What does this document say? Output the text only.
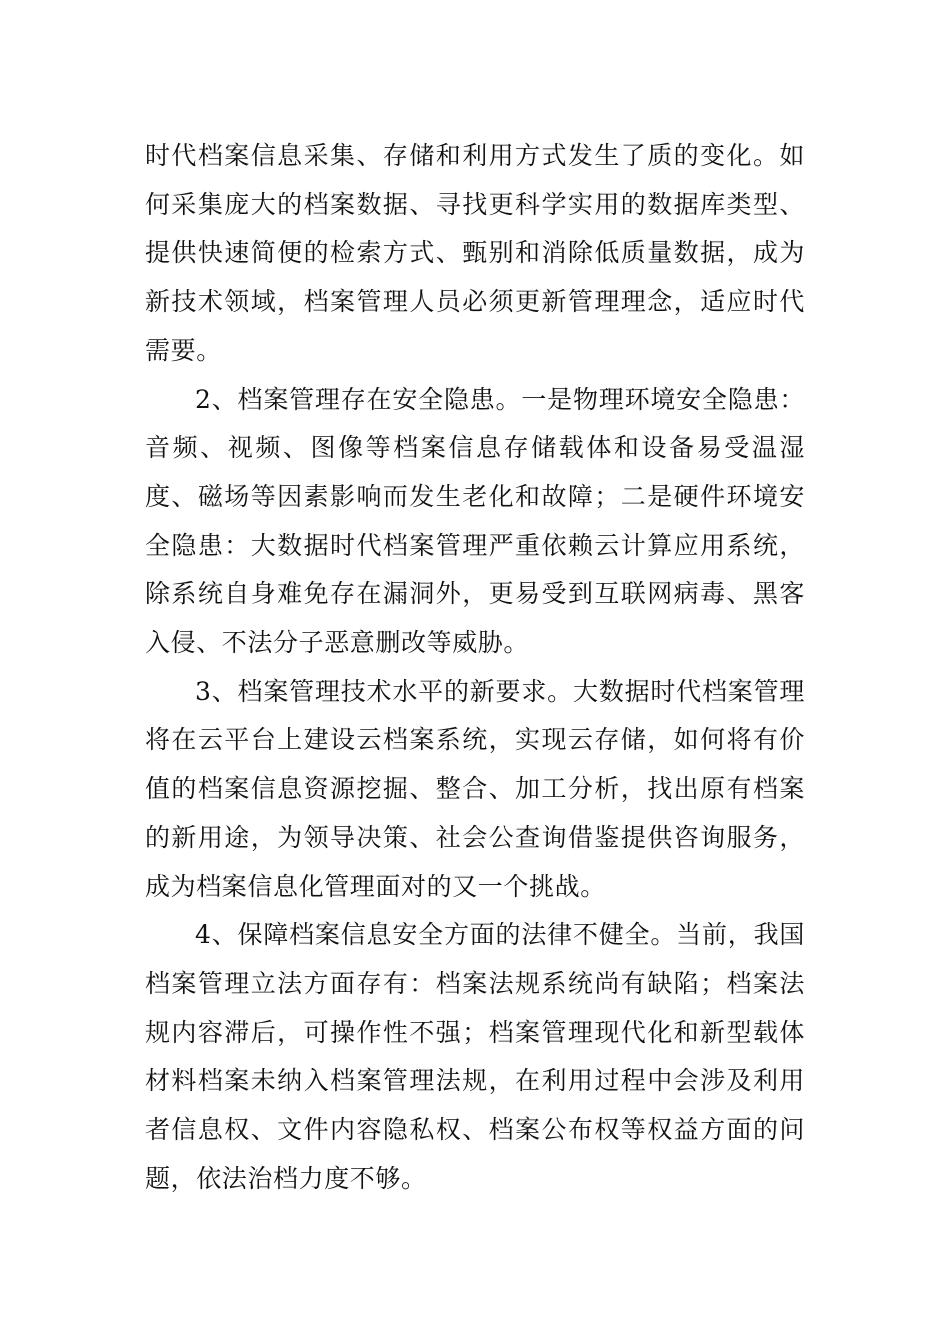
时代档案信息采集、存储和利用方式发生了质的变化。如何采集庞大的档案数据、寻找更科学实用的数据库类型、提供快速简便的检索方式、甄别和消除低质量数据，成为新技术领域，档案管理人员必须更新管理理念，适应时代需要。

2、档案管理存在安全隐患。一是物理环境安全隐患：音频、视频、图像等档案信息存储载体和设备易受温湿度、磁场等因素影响而发生老化和故障；二是硬件环境安全隐患：大数据时代档案管理严重依赖云计算应用系统，除系统自身难免存在漏洞外，更易受到互联网病毒、黑客入侵、不法分子恶意删改等威胁。

3、档案管理技术水平的新要求。大数据时代档案管理将在云平台上建设云档案系统，实现云存储，如何将有价值的档案信息资源挖掘、整合、加工分析，找出原有档案的新用途，为领导决策、社会公查询借鉴提供咨询服务，成为档案信息化管理面对的又一个挑战。

4、保障档案信息安全方面的法律不健全。当前，我国档案管理立法方面存有：档案法规系统尚有缺陷；档案法规内容滞后，可操作性不强；档案管理现代化和新型载体材料档案未纳入档案管理法规，在利用过程中会涉及利用者信息权、文件内容隐私权、档案公布权等权益方面的问题，依法治档力度不够。
